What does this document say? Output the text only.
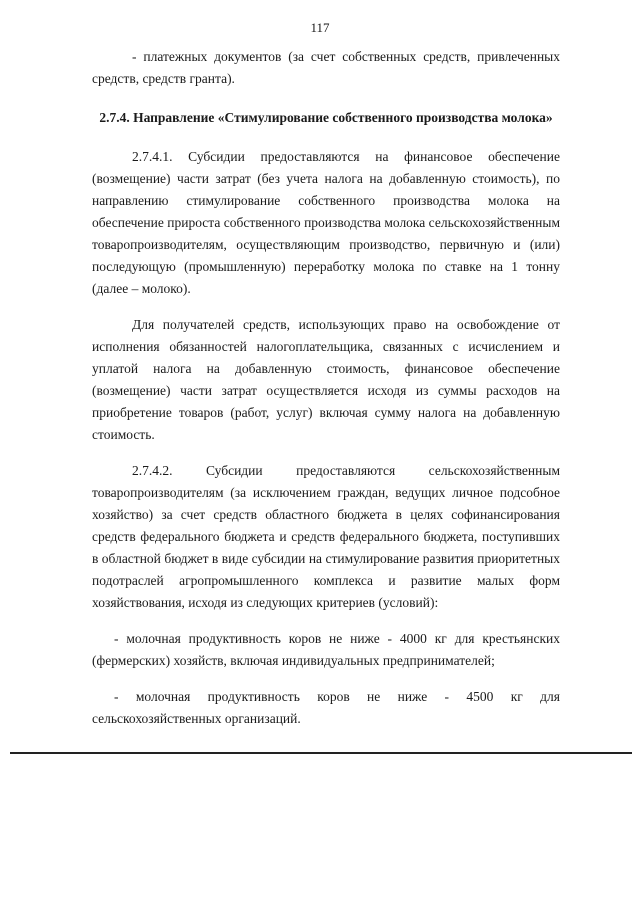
117

- платежных документов (за счет собственных средств, привлеченных средств, средств гранта).

2.7.4. Направление «Стимулирование собственного производства молока»

2.7.4.1. Субсидии предоставляются на финансовое обеспечение (возмещение) части затрат (без учета налога на добавленную стоимость), по направлению стимулирование собственного производства молока на обеспечение прироста собственного производства молока сельскохозяйственным товаропроизводителям, осуществляющим производство, первичную и (или) последующую (промышленную) переработку молока по ставке на 1 тонну (далее – молоко).

Для получателей средств, использующих право на освобождение от исполнения обязанностей налогоплательщика, связанных с исчислением и уплатой налога на добавленную стоимость, финансовое обеспечение (возмещение) части затрат осуществляется исходя из суммы расходов на приобретение товаров (работ, услуг) включая сумму налога на добавленную стоимость.

2.7.4.2. Субсидии предоставляются сельскохозяйственным товаропроизводителям (за исключением граждан, ведущих личное подсобное хозяйство) за счет средств областного бюджета в целях софинансирования средств федерального бюджета и средств федерального бюджета, поступивших в областной бюджет в виде субсидии на стимулирование развития приоритетных подотраслей агропромышленного комплекса и развитие малых форм хозяйствования, исходя из следующих критериев (условий):

- молочная продуктивность коров не ниже - 4000 кг для крестьянских (фермерских) хозяйств, включая индивидуальных предпринимателей;

- молочная продуктивность коров не ниже - 4500 кг для сельскохозяйственных организаций.
